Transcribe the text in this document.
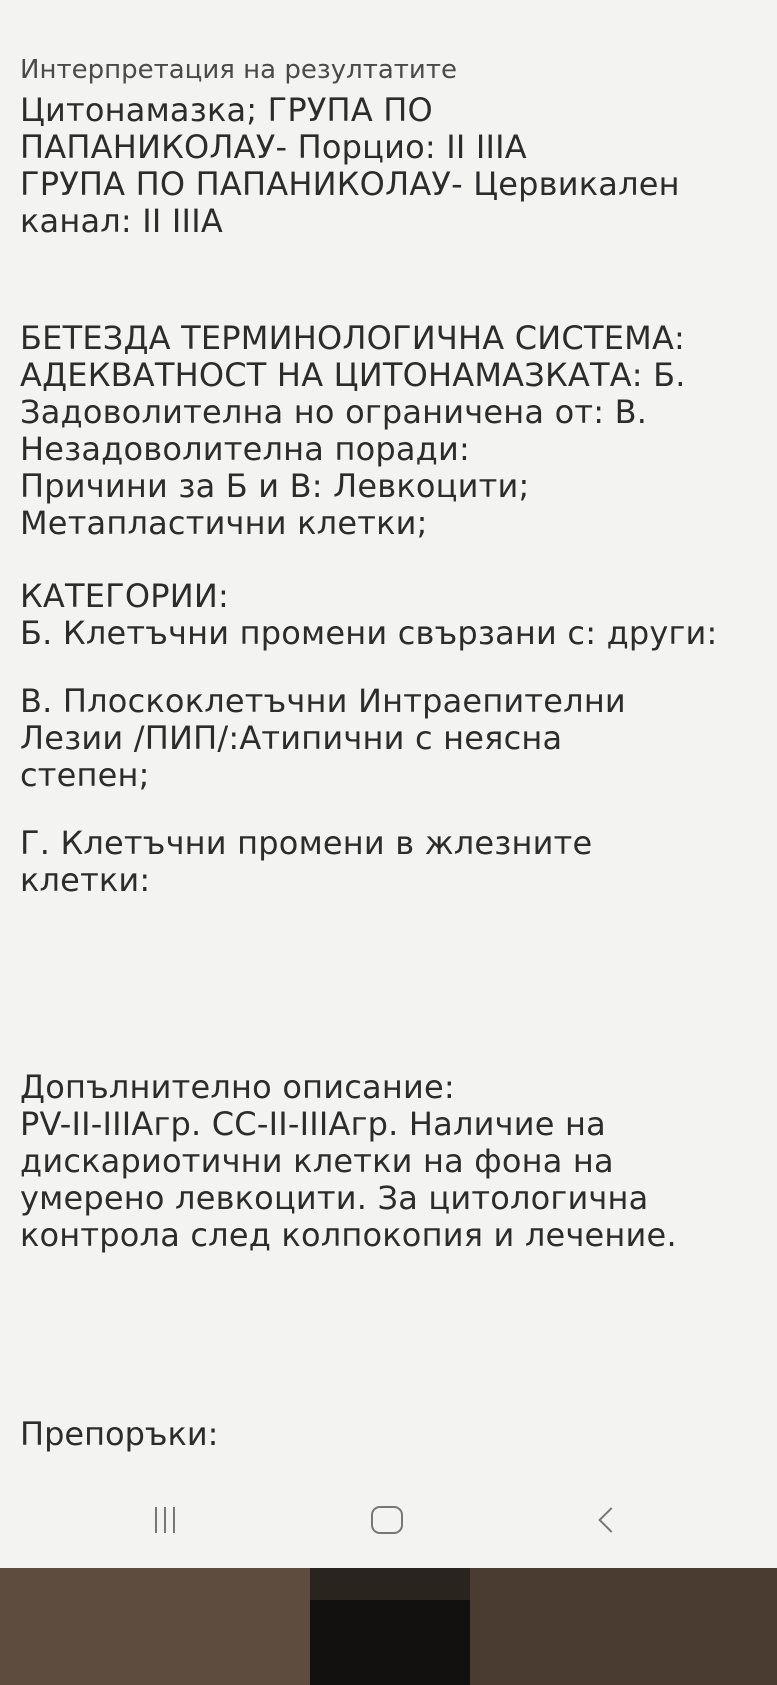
Интерпретация на резултатите
Цитонамазка; ГРУПА ПО
ПАПАНИКОЛАУ- Порцио: II IIIA
ГРУПА ПО ПАПАНИКОЛАУ- Цервикален
канал: II IIIA
БЕТЕЗДА ТЕРМИНОЛОГИЧНА СИСТЕМА:
АДЕКВАТНОСТ НА ЦИТОНАМАЗКАТА: Б.
Задоволителна но ограничена от: В.
Незадоволителна поради:
Причини за Б и В: Левкоцити;
Метапластични клетки;
КАТЕГОРИИ:
Б. Клетъчни промени свързани с: други:
В. Плоскоклетъчни Интраепителни
Лезии /ПИП/:Атипични с неясна
степен;
Г. Клетъчни промени в жлезните
клетки:
Допълнително описание:
PV-II-IIIАгр. CC-II-IIIАгр. Наличие на
дискариотични клетки на фона на
умерено левкоцити. За цитологична
контрола след колпокопия и лечение.
Препоръки:
